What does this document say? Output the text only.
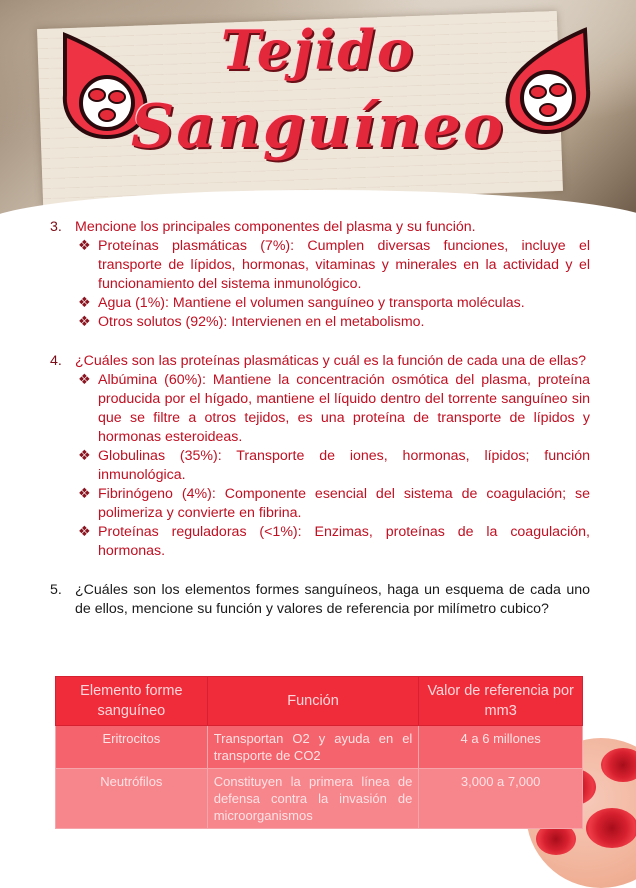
Tejido
Sanguíneo
3. Mencione los principales componentes del plasma y su función.
❖ Proteínas plasmáticas (7%): Cumplen diversas funciones, incluye el transporte de lípidos, hormonas, vitaminas y minerales en la actividad y el funcionamiento del sistema inmunológico.
❖ Agua (1%): Mantiene el volumen sanguíneo y transporta moléculas.
❖ Otros solutos (92%): Intervienen en el metabolismo.
4. ¿Cuáles son las proteínas plasmáticas y cuál es la función de cada una de ellas?
❖ Albúmina (60%): Mantiene la concentración osmótica del plasma, proteína producida por el hígado, mantiene el líquido dentro del torrente sanguíneo sin que se filtre a otros tejidos, es una proteína de transporte de lípidos y hormonas esteroideas.
❖ Globulinas (35%): Transporte de iones, hormonas, lípidos; función inmunológica.
❖ Fibrinógeno (4%): Componente esencial del sistema de coagulación; se polimeriza y convierte en fibrina.
❖ Proteínas reguladoras (<1%): Enzimas, proteínas de la coagulación, hormonas.
5. ¿Cuáles son los elementos formes sanguíneos, haga un esquema de cada uno de ellos, mencione su función y valores de referencia por milímetro cubico?
Elemento forme sanguíneo	Función	Valor de referencia por mm3
Eritrocitos	Transportan O2 y ayuda en el transporte de CO2	4 a 6 millones
Neutrófilos	Constituyen la primera línea de defensa contra la invasión de microorganismos	3,000 a 7,000
